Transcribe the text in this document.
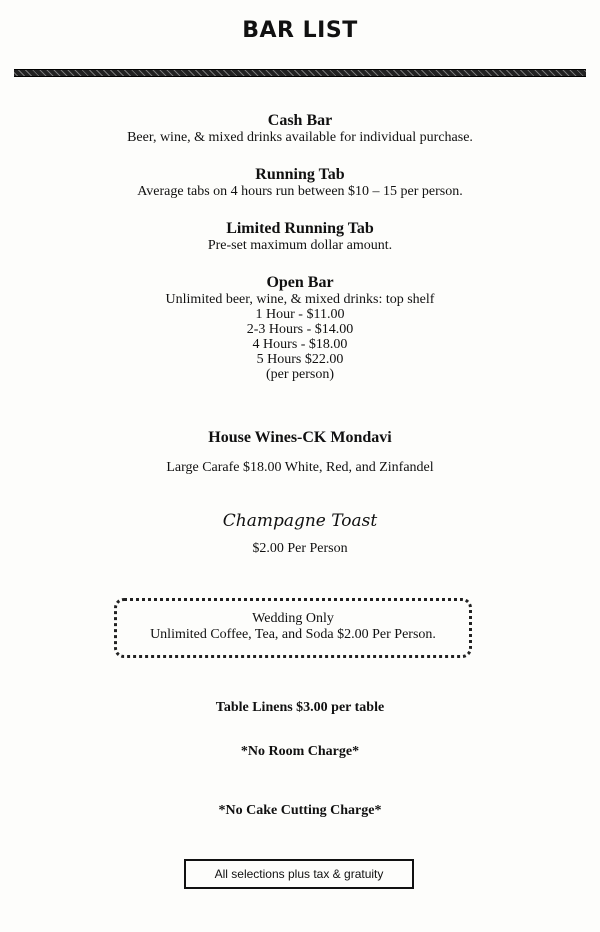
BAR LIST
Cash Bar
Beer, wine, & mixed drinks available for individual purchase.
Running Tab
Average tabs on 4 hours run between $10 – 15 per person.
Limited Running Tab
Pre-set maximum dollar amount.
Open Bar
Unlimited beer, wine, & mixed drinks: top shelf
1 Hour - $11.00
2-3 Hours - $14.00
4 Hours - $18.00
5 Hours $22.00
(per person)
House Wines-CK Mondavi
Large Carafe $18.00 White, Red, and Zinfandel
Champagne Toast
$2.00 Per Person
Wedding Only
Unlimited Coffee, Tea, and Soda $2.00 Per Person.
Table Linens $3.00 per table
*No Room Charge*
*No Cake Cutting Charge*
All selections plus tax & gratuity
